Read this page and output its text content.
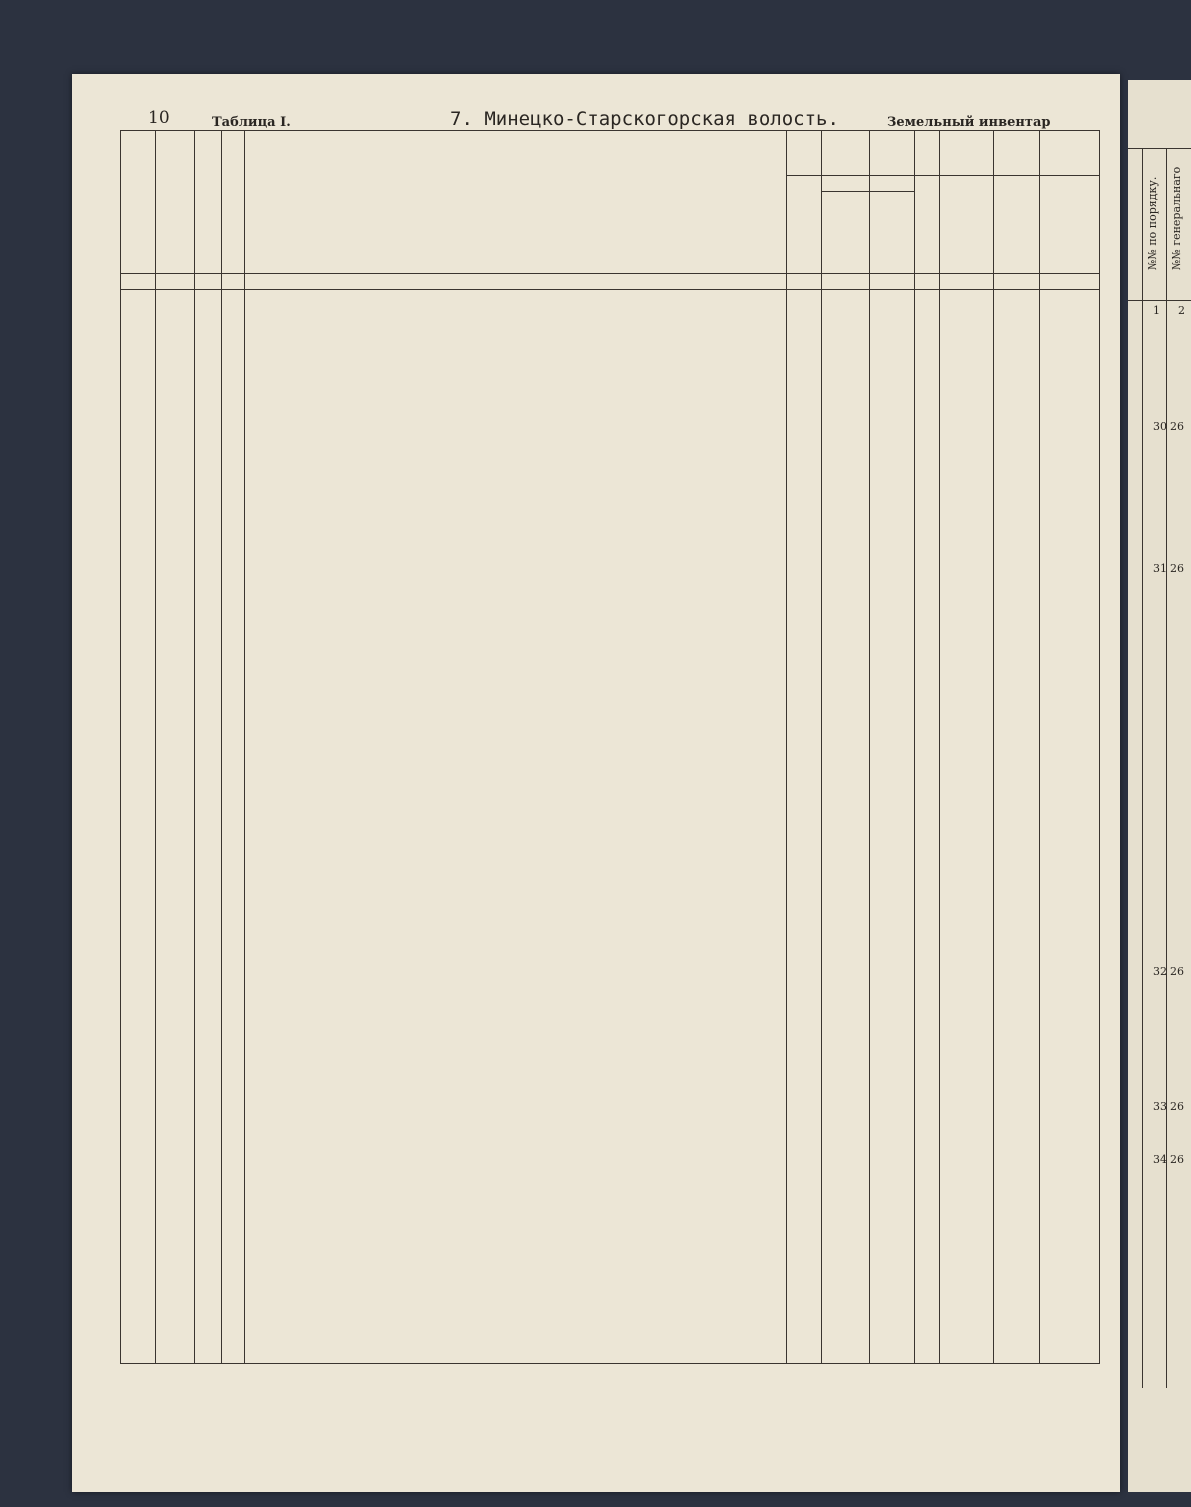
№№ по порядку. №№ генеральнаго
1 2
30 26
31 26
32 26
33 26
34 26
10	Таблица I.	7. Минецко-Старскогорская волость.	Земельный инвентар
